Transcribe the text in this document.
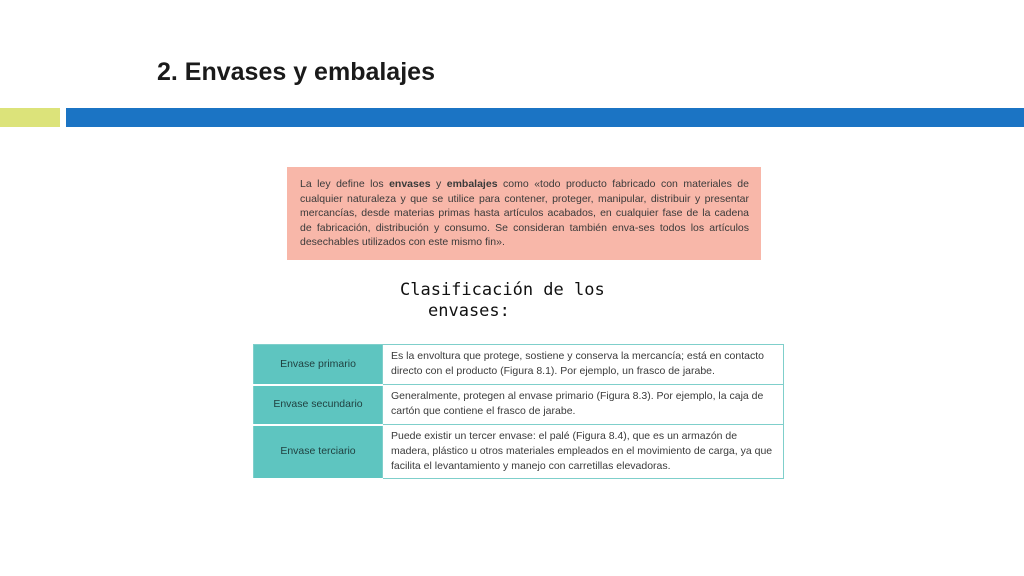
2. Envases y embalajes
La ley define los envases y embalajes como «todo producto fabricado con materiales de cualquier naturaleza y que se utilice para contener, proteger, manipular, distribuir y presentar mercancías, desde materias primas hasta artículos acabados, en cualquier fase de la cadena de fabricación, distribución y consumo. Se consideran también enva-ses todos los artículos desechables utilizados con este mismo fin».
Clasificación de los
envases:
Envase primario	Es la envoltura que protege, sostiene y conserva la mercancía; está en contacto directo con el producto (Figura 8.1). Por ejemplo, un frasco de jarabe.
Envase secundario	Generalmente, protegen al envase primario (Figura 8.3). Por ejemplo, la caja de cartón que contiene el frasco de jarabe.
Envase terciario	Puede existir un tercer envase: el palé (Figura 8.4), que es un armazón de madera, plástico u otros materiales empleados en el movimiento de carga, ya que facilita el levantamiento y manejo con carretillas elevadoras.
